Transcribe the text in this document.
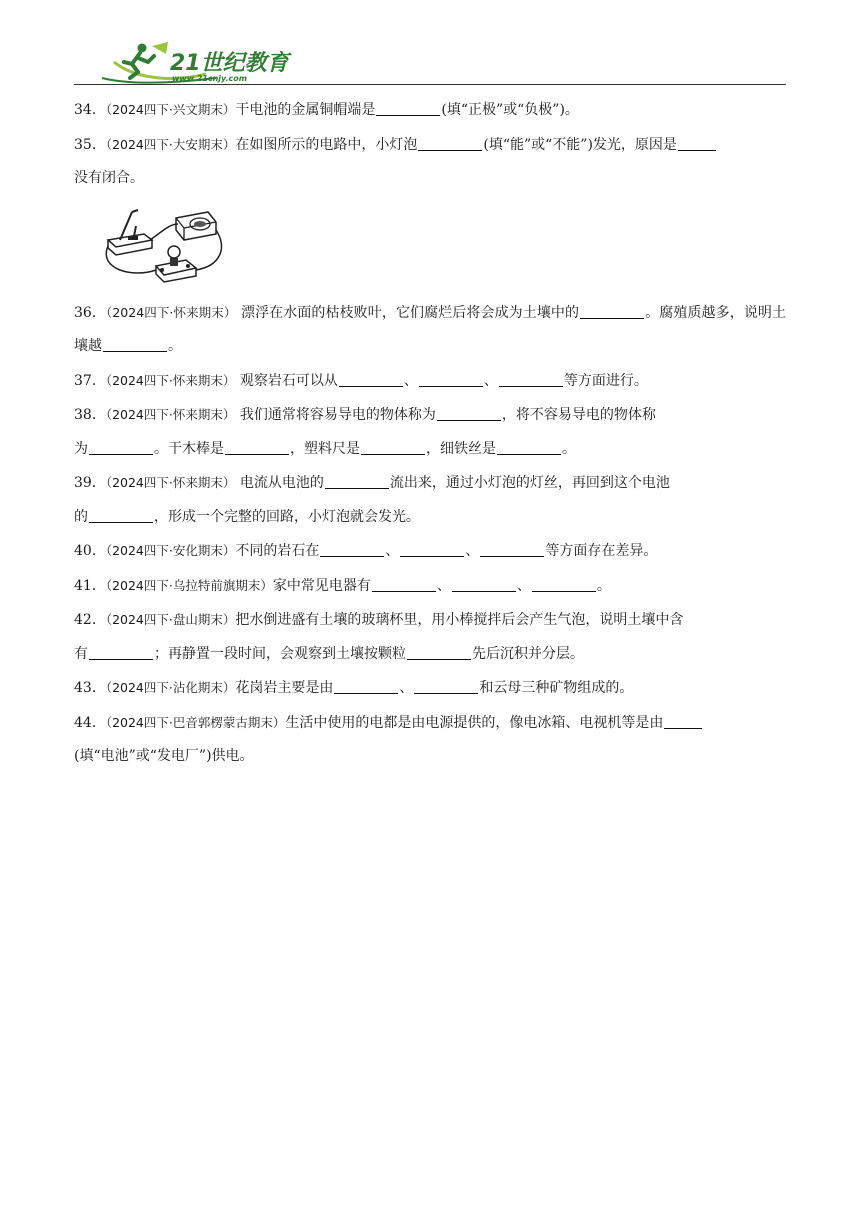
21世纪教育
www.21cnjy.com
34．（2024四下·兴文期末）干电池的金属铜帽端是	(填“正极”或“负极”)。
35．（2024四下·大安期末）在如图所示的电路中，小灯泡	(填“能”或“不能”)发光，原因是
没有闭合。
36．（2024四下·怀来期末） 漂浮在水面的枯枝败叶，它们腐烂后将会成为土壤中的	。腐殖质越多，说明土壤越	。
37．（2024四下·怀来期末） 观察岩石可以从	、	、	等方面进行。
38．（2024四下·怀来期末） 我们通常将容易导电的物体称为	，将不容易导电的物体称
为	。干木棒是	，塑料尺是	，细铁丝是	。
39．（2024四下·怀来期末） 电流从电池的	流出来，通过小灯泡的灯丝，再回到这个电池
的	，形成一个完整的回路，小灯泡就会发光。
40．（2024四下·安化期末）不同的岩石在	、	、	等方面存在差异。
41．（2024四下·乌拉特前旗期末）家中常见电器有	、	、	。
42．（2024四下·盘山期末）把水倒进盛有土壤的玻璃杯里，用小棒搅拌后会产生气泡，说明土壤中含
有	；再静置一段时间，会观察到土壤按颗粒	先后沉积并分层。
43．（2024四下·沾化期末）花岗岩主要是由	、	和云母三种矿物组成的。
44．（2024四下·巴音郭楞蒙古期末）生活中使用的电都是由电源提供的，像电冰箱、电视机等是由
(填“电池”或“发电厂”)供电。
